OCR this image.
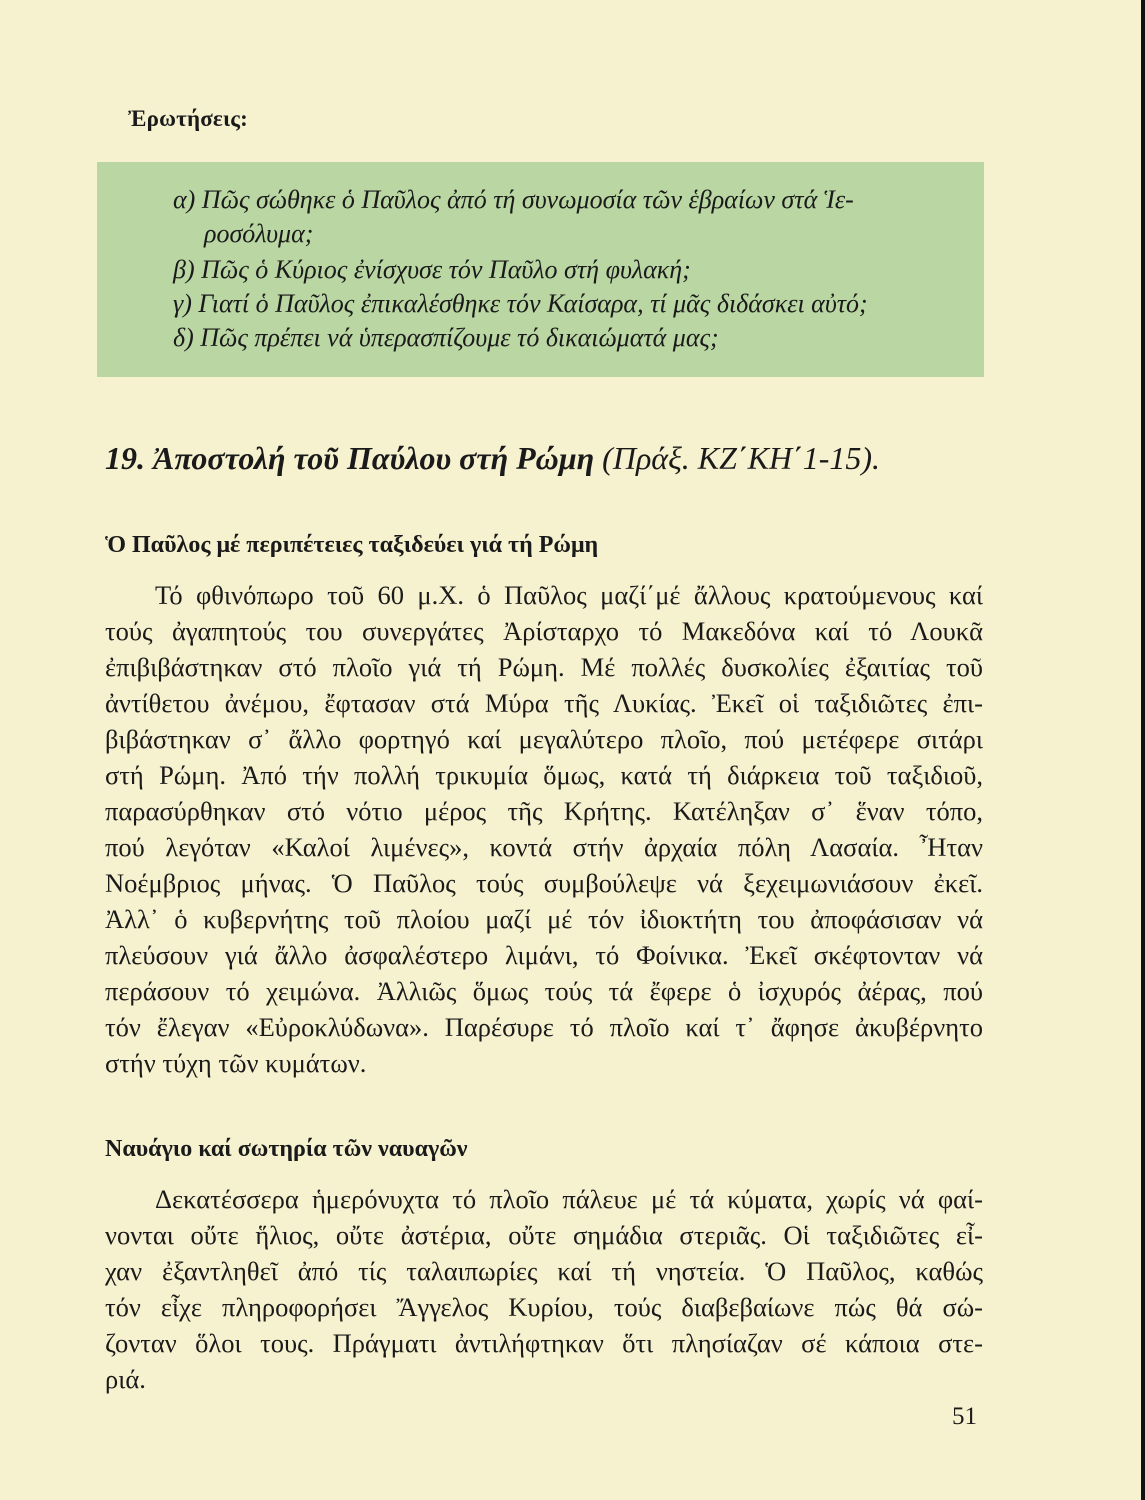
Ἐρωτήσεις:
α) Πῶς σώθηκε ὁ Παῦλος ἀπό τή συνωμοσία τῶν ἑβραίων στά Ἱε-
ροσόλυμα;
β) Πῶς ὁ Κύριος ἐνίσχυσε τόν Παῦλο στή φυλακή;
γ) Γιατί ὁ Παῦλος ἐπικαλέσθηκε τόν Καίσαρα, τί μᾶς διδάσκει αὐτό;
δ) Πῶς πρέπει νά ὑπερασπίζουμε τό δικαιώματά μας;
19. Ἀποστολή τοῦ Παύλου στή Ρώμη (Πράξ. ΚΖ΄ΚΗ΄1-15).
Ὁ Παῦλος μέ περιπέτειες ταξιδεύει γιά τή Ρώμη
Τό φθινόπωρο τοῦ 60 μ.Χ. ὁ Παῦλος μαζί΄μέ ἄλλους κρατούμενους καί
τούς ἀγαπητούς του συνεργάτες Ἀρίσταρχο τό Μακεδόνα καί τό Λουκᾶ
ἐπιβιβάστηκαν στό πλοῖο γιά τή Ρώμη. Μέ πολλές δυσκολίες ἐξαιτίας τοῦ
ἀντίθετου ἀνέμου, ἔφτασαν στά Μύρα τῆς Λυκίας. Ἐκεῖ οἱ ταξιδιῶτες ἐπι-
βιβάστηκαν σ᾽ ἄλλο φορτηγό καί μεγαλύτερο πλοῖο, πού μετέφερε σιτάρι
στή Ρώμη. Ἀπό τήν πολλή τρικυμία ὅμως, κατά τή διάρκεια τοῦ ταξιδιοῦ,
παρασύρθηκαν στό νότιο μέρος τῆς Κρήτης. Κατέληξαν σ᾽ ἕναν τόπο,
πού λεγόταν «Καλοί λιμένες», κοντά στήν ἀρχαία πόλη Λασαία. Ἦταν
Νοέμβριος μήνας. Ὁ Παῦλος τούς συμβούλεψε νά ξεχειμωνιάσουν ἐκεῖ.
Ἀλλ᾽ ὁ κυβερνήτης τοῦ πλοίου μαζί μέ τόν ἰδιοκτήτη του ἀποφάσισαν νά
πλεύσουν γιά ἄλλο ἀσφαλέστερο λιμάνι, τό Φοίνικα. Ἐκεῖ σκέφτονταν νά
περάσουν τό χειμώνα. Ἀλλιῶς ὅμως τούς τά ἔφερε ὁ ἰσχυρός ἀέρας, πού
τόν ἔλεγαν «Εὐροκλύδωνα». Παρέσυρε τό πλοῖο καί τ᾽ ἄφησε ἀκυβέρνητο
στήν τύχη τῶν κυμάτων.
Ναυάγιο καί σωτηρία τῶν ναυαγῶν
Δεκατέσσερα ἡμερόνυχτα τό πλοῖο πάλευε μέ τά κύματα, χωρίς νά φαί-
νονται οὔτε ἥλιος, οὔτε ἀστέρια, οὔτε σημάδια στεριᾶς. Οἱ ταξιδιῶτες εἶ-
χαν ἐξαντληθεῖ ἀπό τίς ταλαιπωρίες καί τή νηστεία. Ὁ Παῦλος, καθώς
τόν εἶχε πληροφορήσει Ἄγγελος Κυρίου, τούς διαβεβαίωνε πώς θά σώ-
ζονταν ὅλοι τους. Πράγματι ἀντιλήφτηκαν ὅτι πλησίαζαν σέ κάποια στε-
ριά.

51
